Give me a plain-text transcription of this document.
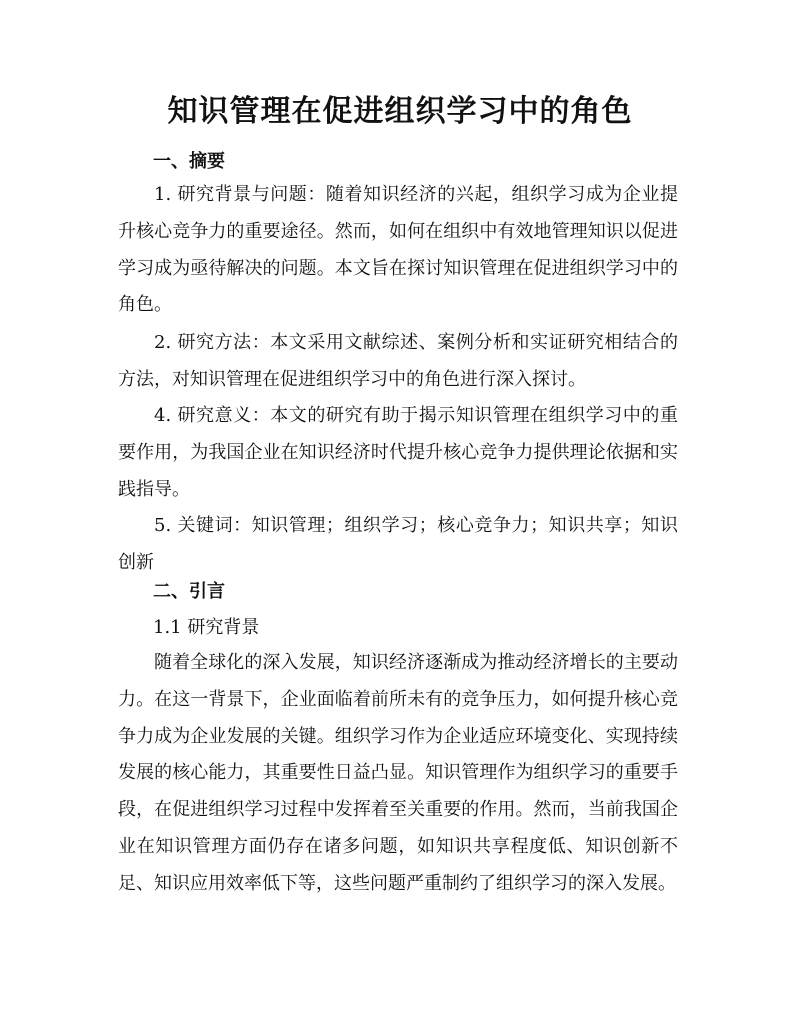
知识管理在促进组织学习中的角色
一、摘要

1. 研究背景与问题：随着知识经济的兴起，组织学习成为企业提升核心竞争力的重要途径。然而，如何在组织中有效地管理知识以促进学习成为亟待解决的问题。本文旨在探讨知识管理在促进组织学习中的角色。

2. 研究方法：本文采用文献综述、案例分析和实证研究相结合的方法，对知识管理在促进组织学习中的角色进行深入探讨。

4. 研究意义：本文的研究有助于揭示知识管理在组织学习中的重要作用，为我国企业在知识经济时代提升核心竞争力提供理论依据和实践指导。

5. 关键词：知识管理；组织学习；核心竞争力；知识共享；知识创新

二、引言
1.1 研究背景

随着全球化的深入发展，知识经济逐渐成为推动经济增长的主要动力。在这一背景下，企业面临着前所未有的竞争压力，如何提升核心竞争力成为企业发展的关键。组织学习作为企业适应环境变化、实现持续发展的核心能力，其重要性日益凸显。知识管理作为组织学习的重要手段，在促进组织学习过程中发挥着至关重要的作用。然而，当前我国企业在知识管理方面仍存在诸多问题，如知识共享程度低、知识创新不足、知识应用效率低下等，这些问题严重制约了组织学习的深入发展。
